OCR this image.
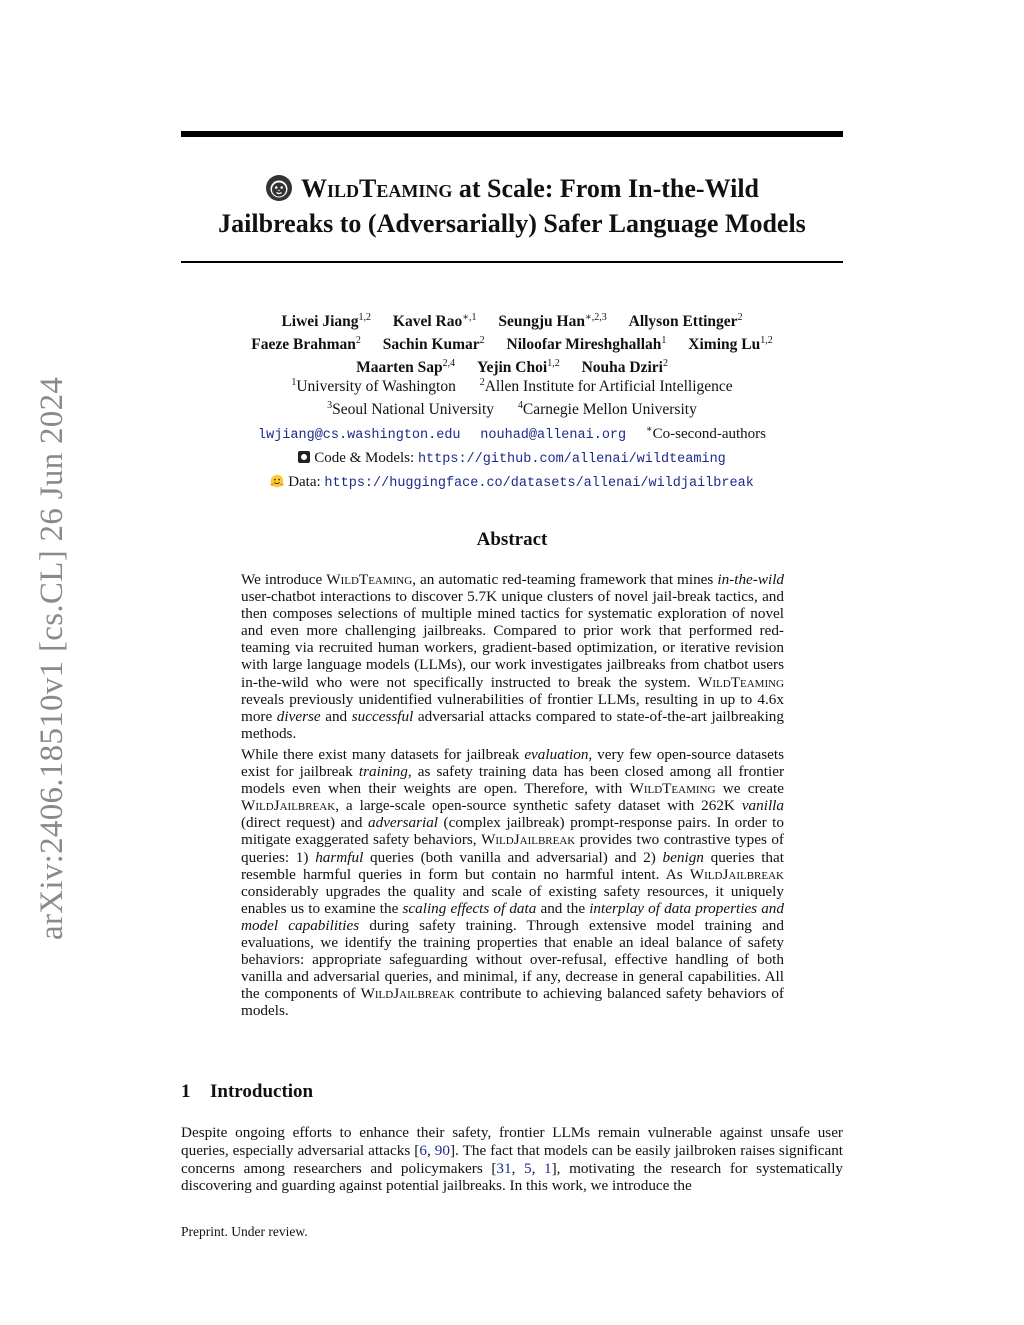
arXiv:2406.18510v1 [cs.CL] 26 Jun 2024
WildTeaming at Scale: From In-the-Wild
Jailbreaks to (Adversarially) Safer Language Models
Liwei Jiang$^{1,2}$ Kavel Rao$^{∗,1}$ Seungju Han$^{∗,2,3}$ Allyson Ettinger$^2$
Faeze Brahman$^2$ Sachin Kumar$^2$ Niloofar Mireshghallah$^1$ Ximing Lu$^{1,2}$
Maarten Sap$^{2,4}$ Yejin Choi$^{1,2}$ Nouha Dziri$^2$
$^1$University of Washington $^2$Allen Institute for Artificial Intelligence
$^3$Seoul National University $^4$Carnegie Mellon University
lwjiang@cs.washington.edu nouhad@allenai.org ∗Co-second-authors
Code & Models: https://github.com/allenai/wildteaming
Data: https://huggingface.co/datasets/allenai/wildjailbreak
Abstract

We introduce WildTeaming, an automatic red-teaming framework that mines in-the-wild user-chatbot interactions to discover 5.7K unique clusters of novel jail-break tactics, and then composes selections of multiple mined tactics for systematic exploration of novel and even more challenging jailbreaks. Compared to prior work that performed red-teaming via recruited human workers, gradient-based optimization, or iterative revision with large language models (LLMs), our work investigates jailbreaks from chatbot users in-the-wild who were not specifically instructed to break the system. WildTeaming reveals previously unidentified vulnerabilities of frontier LLMs, resulting in up to 4.6x more diverse and successful adversarial attacks compared to state-of-the-art jailbreaking methods.

While there exist many datasets for jailbreak evaluation, very few open-source datasets exist for jailbreak training, as safety training data has been closed among all frontier models even when their weights are open. Therefore, with WildTeaming we create WildJailbreak, a large-scale open-source synthetic safety dataset with 262K vanilla (direct request) and adversarial (complex jailbreak) prompt-response pairs. In order to mitigate exaggerated safety behaviors, WildJailbreak provides two contrastive types of queries: 1) harmful queries (both vanilla and adversarial) and 2) benign queries that resemble harmful queries in form but contain no harmful intent. As WildJailbreak considerably upgrades the quality and scale of existing safety resources, it uniquely enables us to examine the scaling effects of data and the interplay of data properties and model capabilities during safety training. Through extensive model training and evaluations, we identify the training properties that enable an ideal balance of safety behaviors: appropriate safeguarding without over-refusal, effective handling of both vanilla and adversarial queries, and minimal, if any, decrease in general capabilities. All the components of WildJailbreak contribute to achieving balanced safety behaviors of models.

1 Introduction

Despite ongoing efforts to enhance their safety, frontier LLMs remain vulnerable against unsafe user queries, especially adversarial attacks [6, 90]. The fact that models can be easily jailbroken raises significant concerns among researchers and policymakers [31, 5, 1], motivating the research for systematically discovering and guarding against potential jailbreaks. In this work, we introduce the

Preprint. Under review.
